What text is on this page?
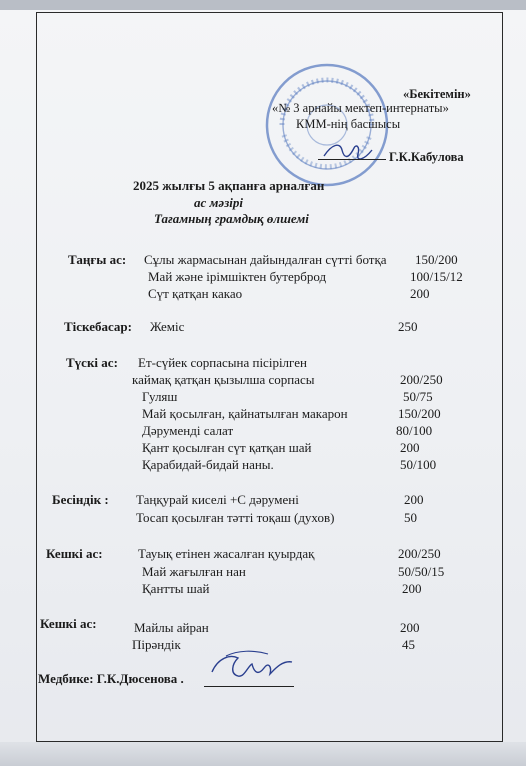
«Бекітемін»
«№ 3 арнайы мектеп-интернаты»
КММ-нің басшысы
Г.К.Кабулова
2025 жылғы 5 ақпанға арналған
ас мәзірі
Тағамның грамдық өлшемі
Таңғы ас: Сұлы жармасынан дайындалған сүтті ботқа 150/200
Май және ірімшіктен бутерброд	100/15/12
Сүт қатқан какао	200
Тіскебасар: Жеміс	250
Түскі ас: Ет-сүйек сорпасына пісірілген
каймақ қатқан қызылша сорпасы	200/250
Гуляш	50/75
Май қосылған, қайнатылған макарон	150/200
Дәрумендi салат	80/100
Қант қосылған сүт қатқан шай	200
Қарабидай-бидай наны.	50/100
Бесiндiк : Таңқурай киселi +С дәрумені	200
Тосап қосылған тәтті тоқаш (духов)	50
Кешкі ас:	Тауық етінен жасалған қуырдақ	200/250
Май жағылған нан	50/50/15
Қантты шай	200
Кешкі ас:	Майлы айран	200
Пірәндік	45
Медбике: Г.К.Дюсенова .
